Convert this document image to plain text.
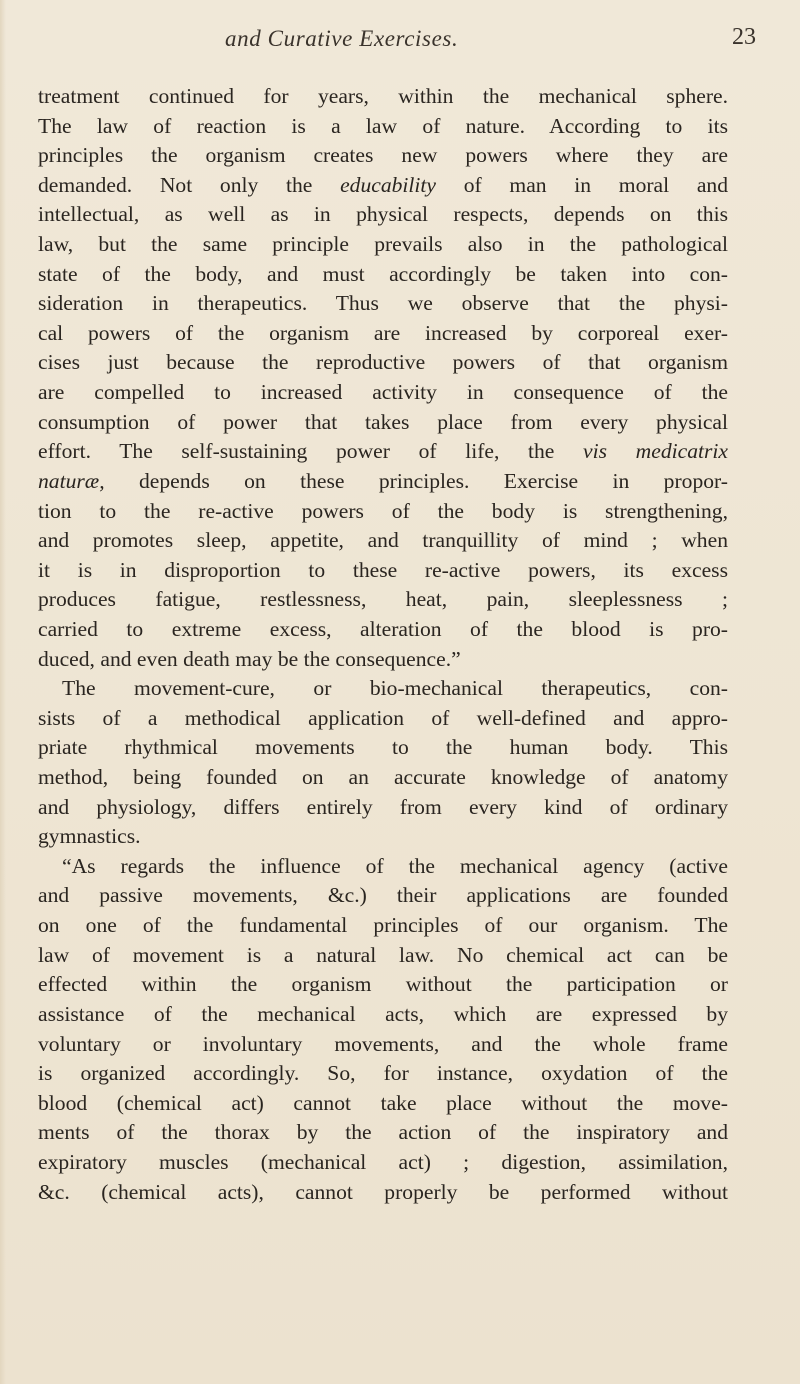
and Curative Exercises.	23
treatment continued for years, within the mechanical sphere.
The law of reaction is a law of nature. According to its
principles the organism creates new powers where they are
demanded. Not only the educability of man in moral and
intellectual, as well as in physical respects, depends on this
law, but the same principle prevails also in the pathological
state of the body, and must accordingly be taken into con-
sideration in therapeutics. Thus we observe that the physi-
cal powers of the organism are increased by corporeal exer-
cises just because the reproductive powers of that organism
are compelled to increased activity in consequence of the
consumption of power that takes place from every physical
effort. The self-sustaining power of life, the vis medicatrix
naturæ, depends on these principles. Exercise in propor-
tion to the re-active powers of the body is strengthening,
and promotes sleep, appetite, and tranquillity of mind ; when
it is in disproportion to these re-active powers, its excess
produces fatigue, restlessness, heat, pain, sleeplessness ;
carried to extreme excess, alteration of the blood is pro-
duced, and even death may be the consequence.”
The movement-cure, or bio-mechanical therapeutics, con-
sists of a methodical application of well-defined and appro-
priate rhythmical movements to the human body. This
method, being founded on an accurate knowledge of anatomy
and physiology, differs entirely from every kind of ordinary
gymnastics.
“As regards the influence of the mechanical agency (active
and passive movements, &c.) their applications are founded
on one of the fundamental principles of our organism. The
law of movement is a natural law. No chemical act can be
effected within the organism without the participation or
assistance of the mechanical acts, which are expressed by
voluntary or involuntary movements, and the whole frame
is organized accordingly. So, for instance, oxydation of the
blood (chemical act) cannot take place without the move-
ments of the thorax by the action of the inspiratory and
expiratory muscles (mechanical act) ; digestion, assimilation,
&c. (chemical acts), cannot properly be performed without
